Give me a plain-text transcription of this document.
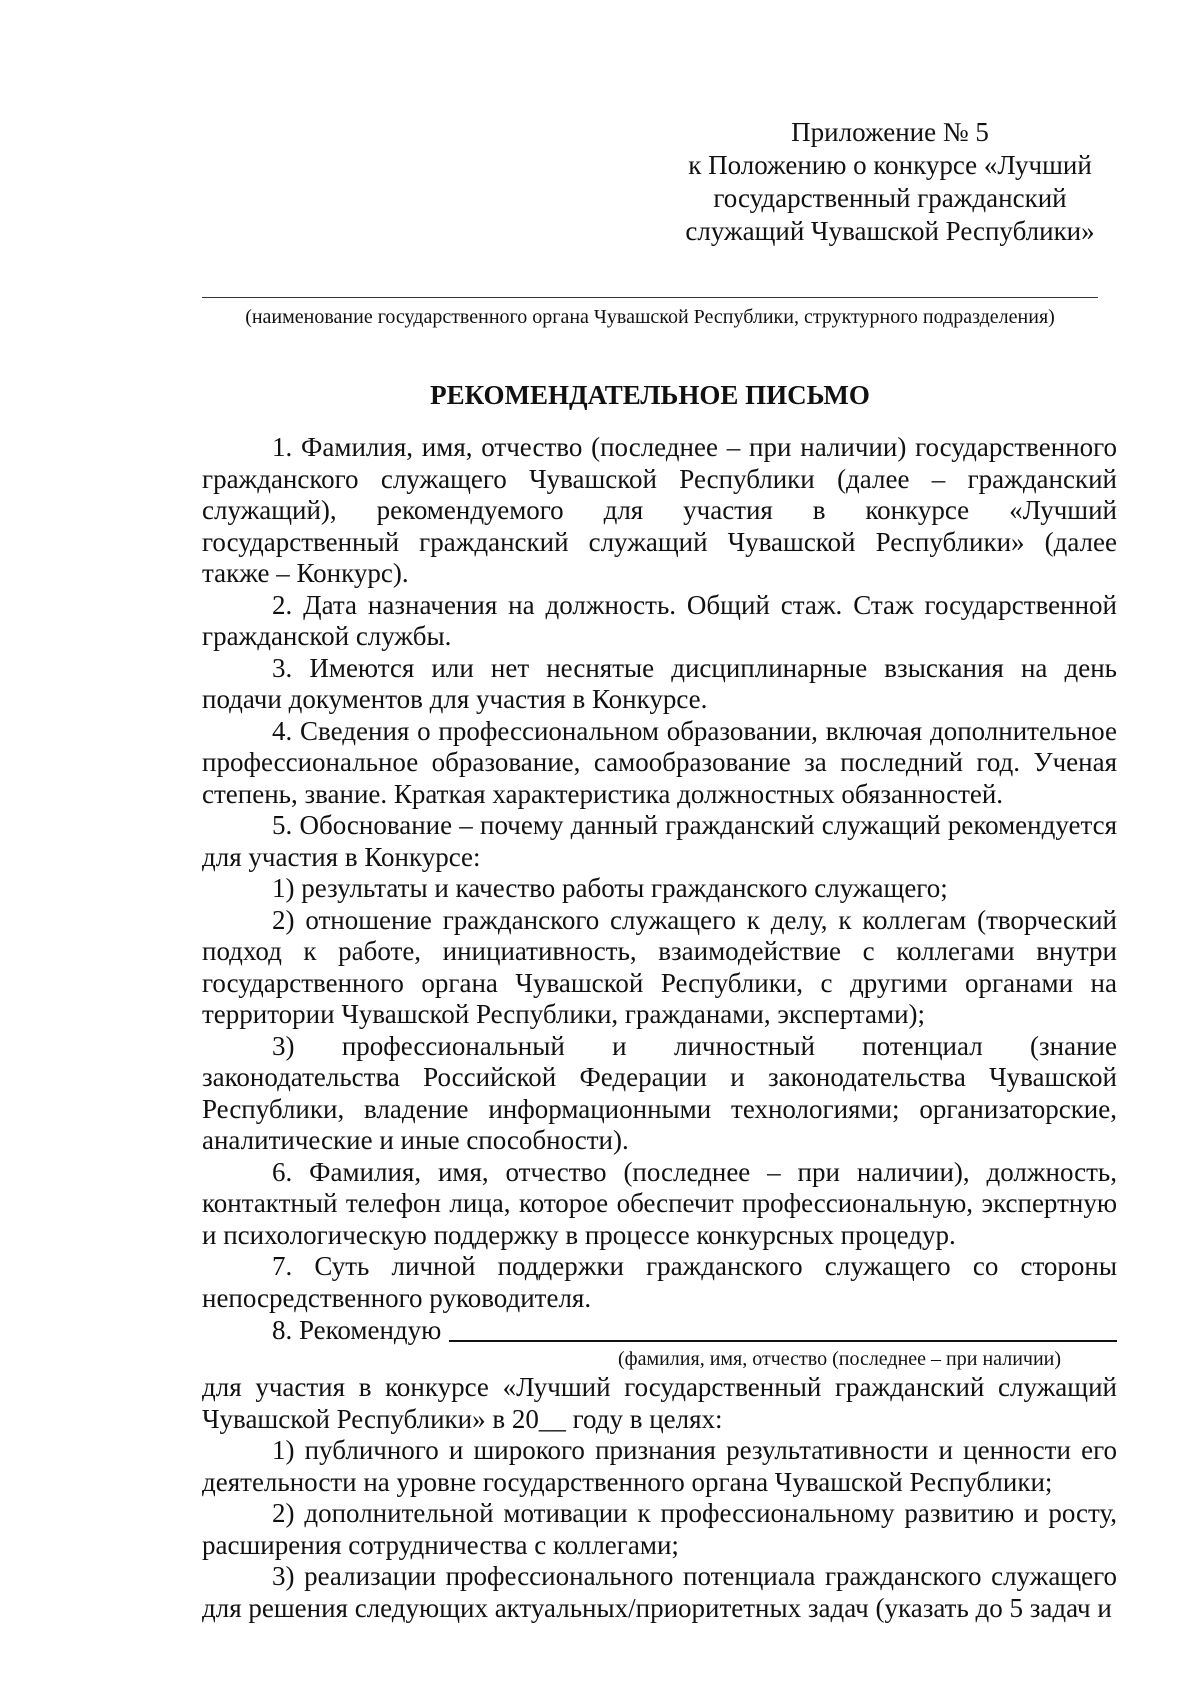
Приложение № 5
к Положению о конкурсе «Лучший
государственный гражданский
служащий Чувашской Республики»
(наименование государственного органа Чувашской Республики, структурного подразделения)
РЕКОМЕНДАТЕЛЬНОЕ ПИСЬМО

1. Фамилия, имя, отчество (последнее – при наличии) государственного гражданского служащего Чувашской Республики (далее – гражданский служащий), рекомендуемого для участия в конкурсе «Лучший государственный гражданский служащий Чувашской Республики» (далее также – Конкурс).

2. Дата назначения на должность. Общий стаж. Стаж государственной гражданской службы.

3. Имеются или нет неснятые дисциплинарные взыскания на день подачи документов для участия в Конкурсе.

4. Сведения о профессиональном образовании, включая дополнительное профессиональное образование, самообразование за последний год. Ученая степень, звание. Краткая характеристика должностных обязанностей.

5. Обоснование – почему данный гражданский служащий рекомендуется для участия в Конкурсе:

1) результаты и качество работы гражданского служащего;

2) отношение гражданского служащего к делу, к коллегам (творческий подход к работе, инициативность, взаимодействие с коллегами внутри государственного органа Чувашской Республики, с другими органами на территории Чувашской Республики, гражданами, экспертами);

3) профессиональный и личностный потенциал (знание законодательства Российской Федерации и законодательства Чувашской Республики, владение информационными технологиями; организаторские, аналитические и иные способности).

6. Фамилия, имя, отчество (последнее – при наличии), должность, контактный телефон лица, которое обеспечит профессиональную, экспертную и психологическую поддержку в процессе конкурсных процедур.

7. Суть личной поддержки гражданского служащего со стороны непосредственного руководителя.

8. Рекомендую

(фамилия, имя, отчество (последнее – при наличии)

для участия в конкурсе «Лучший государственный гражданский служащий Чувашской Республики» в 20__ году в целях:

1) публичного и широкого признания результативности и ценности его деятельности на уровне государственного органа Чувашской Республики;

2) дополнительной мотивации к профессиональному развитию и росту, расширения сотрудничества с коллегами;

3) реализации профессионального потенциала гражданского служащего для решения следующих актуальных/приоритетных задач (указать до 5 задач и
